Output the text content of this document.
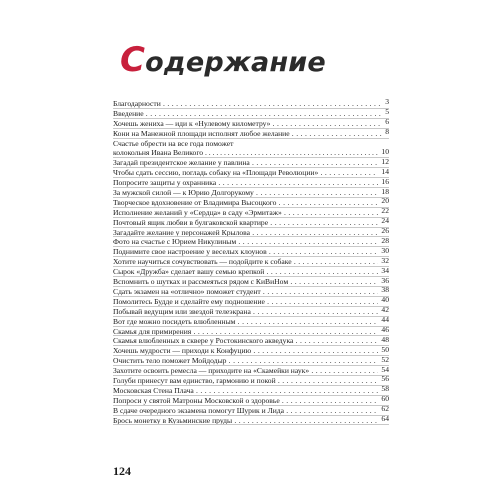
Содержание
Благодарности . . .	3
Введение . . .	5
Хочешь жениха — иди к «Нулевому километру» . . .	6
Кони на Манежной площади исполнят любое желание . . .	8
Счастье обрести на все года поможет
колокольня Ивана Великого . . .	10
Загадай президентское желание у павлина . . .	12
Чтобы сдать сессию, погладь собаку на «Площади Революции» . . .	14
Попросите защиты у охранника . . .	16
За мужской силой — к Юрию Долгорукому . . .	18
Творческое вдохновение от Владимира Высоцкого . . .	20
Исполнение желаний у «Сердца» в саду «Эрмитаж» . . .	22
Почтовый ящик любви в булгаковской квартире . . .	24
Загадайте желание у персонажей Крылова . . .	26
Фото на счастье с Юрием Никулиным . . .	28
Поднимите свое настроение у веселых клоунов . . .	30
Хотите научиться сочувствовать — подойдите к собаке . . .	32
Сырок «Дружба» сделает вашу семью крепкой . . .	34
Вспомнить о шутках и рассмеяться рядом с КиВиНом . . .	36
Сдать экзамен на «отлично» поможет студент . . .	38
Помолитесь Будде и сделайте ему подношение . . .	40
Побывай ведущим или звездой телеэкрана . . .	42
Вот где можно посидеть влюбленным . . .	44
Скамья для примирения . . .	46
Скамья влюбленных в сквере у Ростокинского акведука . . .	48
Хочешь мудрости — приходи к Конфуцию . . .	50
Очистить тело поможет Мойдодыр . . .	52
Захотите освоить ремесла — приходите на «Скамейки наук» . . .	54
Голуби принесут вам единство, гармонию и покой . . .	56
Московская Стена Плача . . .	58
Попроси у святой Матроны Московской о здоровье . . .	60
В сдаче очередного экзамена помогут Шурик и Лида . . .	62
Брось монетку в Кузьминские пруды . . .	64
124
